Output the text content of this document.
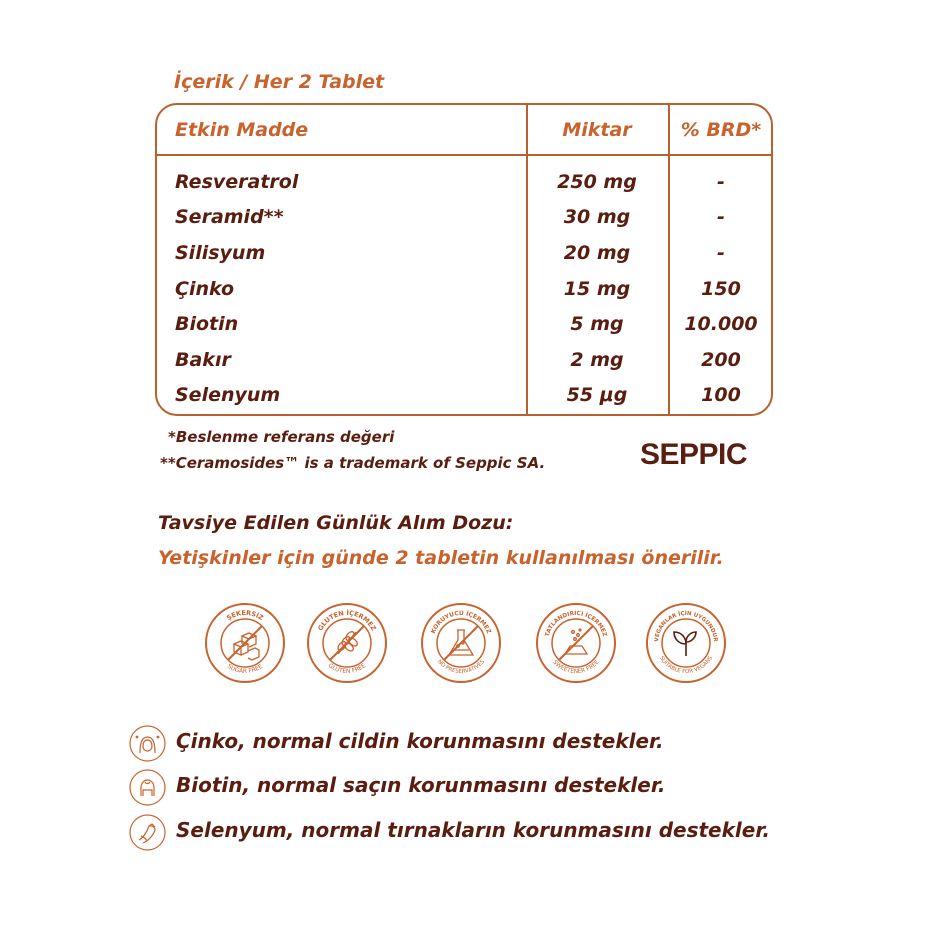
İçerik / Her 2 Tablet
Etkin Madde	Miktar	% BRD*
Resveratrol	250 mg	-
Seramid**	30 mg	-
Silisyum	20 mg	-
Çinko	15 mg	150
Biotin	5 mg	10.000
Bakır	2 mg	200
Selenyum	55 μg	100
*Beslenme referans değeri
**Ceramosides™ is a trademark of Seppic SA.	SEPPIC
Tavsiye Edilen Günlük Alım Dozu:
Yetişkinler için günde 2 tabletin kullanılması önerilir.
ŞEKERSİZ
SUGAR FREE
GLUTEN İÇERMEZ
GLUTEN FREE
KORUYUCU İÇERMEZ
NO PRESERVATIVES
TATLANDIRICI İÇERMEZ
SWEETENER FREE
VEGANLAR İÇİN UYGUNDUR
SUITABLE FOR VEGANS
Çinko, normal cildin korunmasını destekler.
Biotin, normal saçın korunmasını destekler.
Selenyum, normal tırnakların korunmasını destekler.
